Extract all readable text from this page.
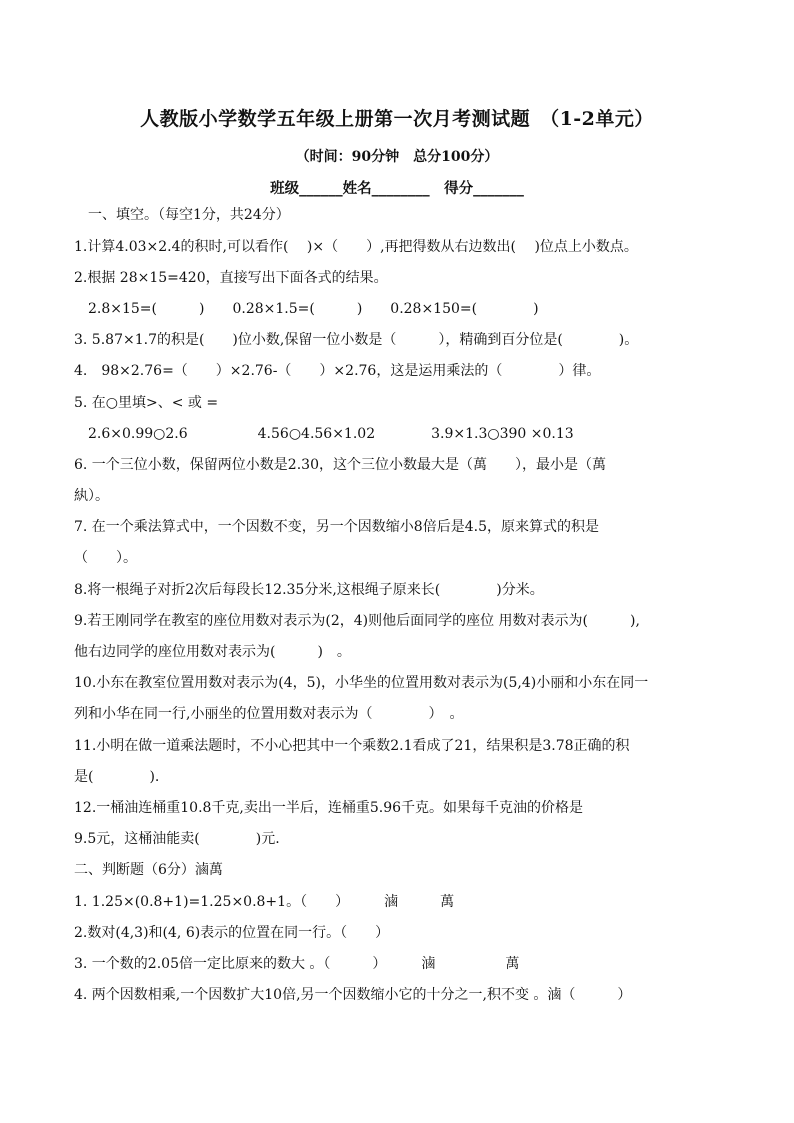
人教版小学数学五年级上册第一次月考测试题　（1-2单元）
（时间：90分钟　总分100分）
班级______姓名________　得分_______
一、填空。（每空1分，共24分）
1.计算4.03×2.4的积时,可以看作(　 )×（　　）,再把得数从右边数出(　 )位点上小数点。
2.根据 28×15=420，直接写出下面各式的结果。
2.8×15=(　　　)　　0.28×1.5=(　　　)　　0.28×150=(　　　　)
3. 5.87×1.7的积是(　　)位小数,保留一位小数是（　　　），精确到百分位是(　　　　)。
4.　98×2.76=（　　）×2.76-（　　）×2.76，这是运用乘法的（　　　　）律。
5. 在○里填>、< 或 =
2.6×0.99○2.6　　　　　4.56○4.56×1.02　　　　3.9×1.3○390 ×0.13
6. 一个三位小数，保留两位小数是2.30，这个三位小数最大是（萬　　），最小是（萬
紈）。
7. 在一个乘法算式中，一个因数不变，另一个因数缩小8倍后是4.5，原来算式的积是
（　　）。
8.将一根绳子对折2次后每段长12.35分米,这根绳子原来长(　　　　)分米。
9.若王刚同学在教室的座位用数对表示为(2，4)则他后面同学的座位 用数对表示为(　　　),
他右边同学的座位用数对表示为(　　　)　。
10.小东在教室位置用数对表示为(4，5)，小华坐的位置用数对表示为(5,4)小丽和小东在同一
列和小华在同一行,小丽坐的位置用数对表示为（　　　　）　。
11.小明在做一道乘法题时，不小心把其中一个乘数2.1看成了21，结果积是3.78正确的积
是(　　　　).
12.一桶油连桶重10.8千克,卖出一半后，连桶重5.96千克。如果每千克油的价格是
9.5元，这桶油能卖(　　　　)元.
二、判断题（6分）滷萬
1. 1.25×(0.8+1)=1.25×0.8+1。（　　）　　　滷　　　萬
2.数对(4,3)和(4, 6)表示的位置在同一行。（　　）
3. 一个数的2.05倍一定比原来的数大 。（　　　）　　　滷　　　　　萬
4. 两个因数相乘,一个因数扩大10倍,另一个因数缩小它的十分之一,积不变 。滷（　　　）
